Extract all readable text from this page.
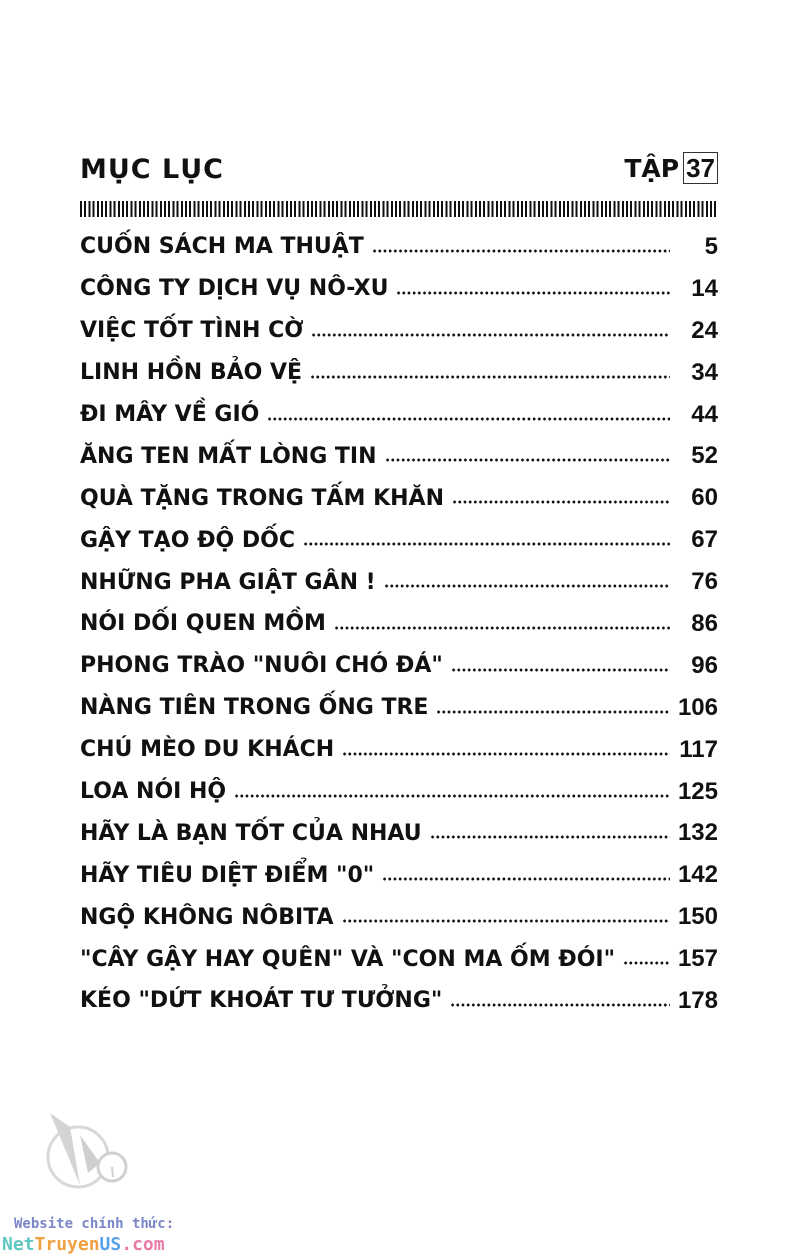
MỤC LỤC	TẬP 37
CUỐN SÁCH MA THUẬT	5
CÔNG TY DỊCH VỤ NÔ-XU	14
VIỆC TỐT TÌNH CỜ	24
LINH HỒN BẢO VỆ	34
ĐI MÂY VỀ GIÓ	44
ĂNG TEN MẤT LÒNG TIN	52
QUÀ TẶNG TRONG TẤM KHĂN	60
GẬY TẠO ĐỘ DỐC	67
NHỮNG PHA GIẬT GÂN !	76
NÓI DỐI QUEN MỒM	86
PHONG TRÀO "NUÔI CHÓ ĐÁ"	96
NÀNG TIÊN TRONG ỐNG TRE	106
CHÚ MÈO DU KHÁCH	117
LOA NÓI HỘ	125
HÃY LÀ BẠN TỐT CỦA NHAU	132
HÃY TIÊU DIỆT ĐIỂM "0"	142
NGỘ KHÔNG NÔBITA	150
"CÂY GẬY HAY QUÊN" VÀ "CON MA ỐM ĐÓI"	157
KÉO "DỨT KHOÁT TƯ TƯỞNG"	178
Website chính thức:
NetTruyenUS.com
